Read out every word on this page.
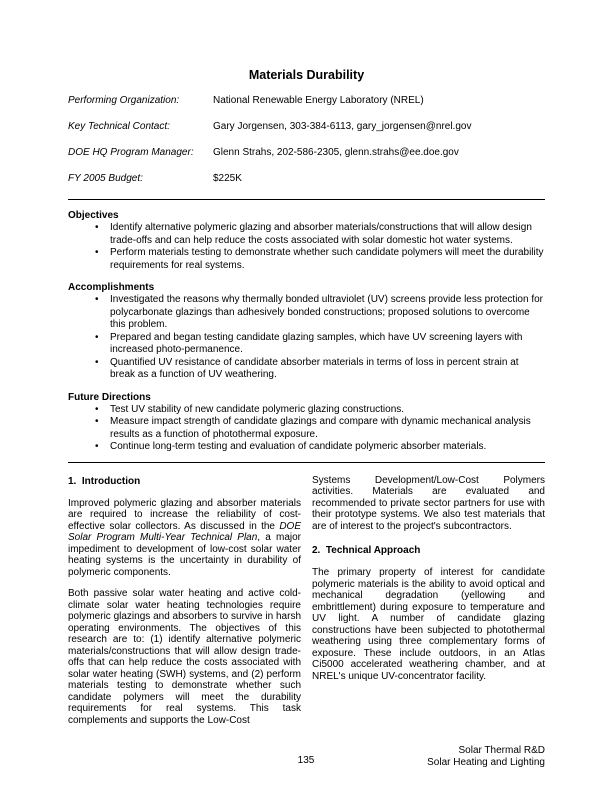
Materials Durability
Performing Organization:	National Renewable Energy Laboratory (NREL)
Key Technical Contact:	Gary Jorgensen, 303-384-6113, gary_jorgensen@nrel.gov
DOE HQ Program Manager:	Glenn Strahs, 202-586-2305, glenn.strahs@ee.doe.gov
FY 2005 Budget:	$225K
Objectives
• Identify alternative polymeric glazing and absorber materials/constructions that will allow design trade-offs and can help reduce the costs associated with solar domestic hot water systems.
• Perform materials testing to demonstrate whether such candidate polymers will meet the durability requirements for real systems.
Accomplishments
• Investigated the reasons why thermally bonded ultraviolet (UV) screens provide less protection for polycarbonate glazings than adhesively bonded constructions; proposed solutions to overcome this problem.
• Prepared and began testing candidate glazing samples, which have UV screening layers with increased photo-permanence.
• Quantified UV resistance of candidate absorber materials in terms of loss in percent strain at break as a function of UV weathering.
Future Directions
• Test UV stability of new candidate polymeric glazing constructions.
• Measure impact strength of candidate glazings and compare with dynamic mechanical analysis results as a function of photothermal exposure.
• Continue long-term testing and evaluation of candidate polymeric absorber materials.
1.  Introduction

Improved polymeric glazing and absorber materials are required to increase the reliability of cost-effective solar collectors. As discussed in the DOE Solar Program Multi-Year Technical Plan, a major impediment to development of low-cost solar water heating systems is the uncertainty in durability of polymeric components.

Both passive solar water heating and active cold-climate solar water heating technologies require polymeric glazings and absorbers to survive in harsh operating environments. The objectives of this research are to: (1) identify alternative polymeric materials/constructions that will allow design trade-offs that can help reduce the costs associated with solar water heating (SWH) systems, and (2) perform materials testing to demonstrate whether such candidate polymers will meet the durability requirements for real systems. This task complements and supports the Low-Cost

Systems Development/Low-Cost Polymers activities. Materials are evaluated and recommended to private sector partners for use with their prototype systems. We also test materials that are of interest to the project's subcontractors.

2.  Technical Approach

The primary property of interest for candidate polymeric materials is the ability to avoid optical and mechanical degradation (yellowing and embrittlement) during exposure to temperature and UV light. A number of candidate glazing constructions have been subjected to photothermal weathering using three complementary forms of exposure. These include outdoors, in an Atlas Ci5000 accelerated weathering chamber, and at NREL's unique UV-concentrator facility.

135
Solar Thermal R&D
Solar Heating and Lighting
